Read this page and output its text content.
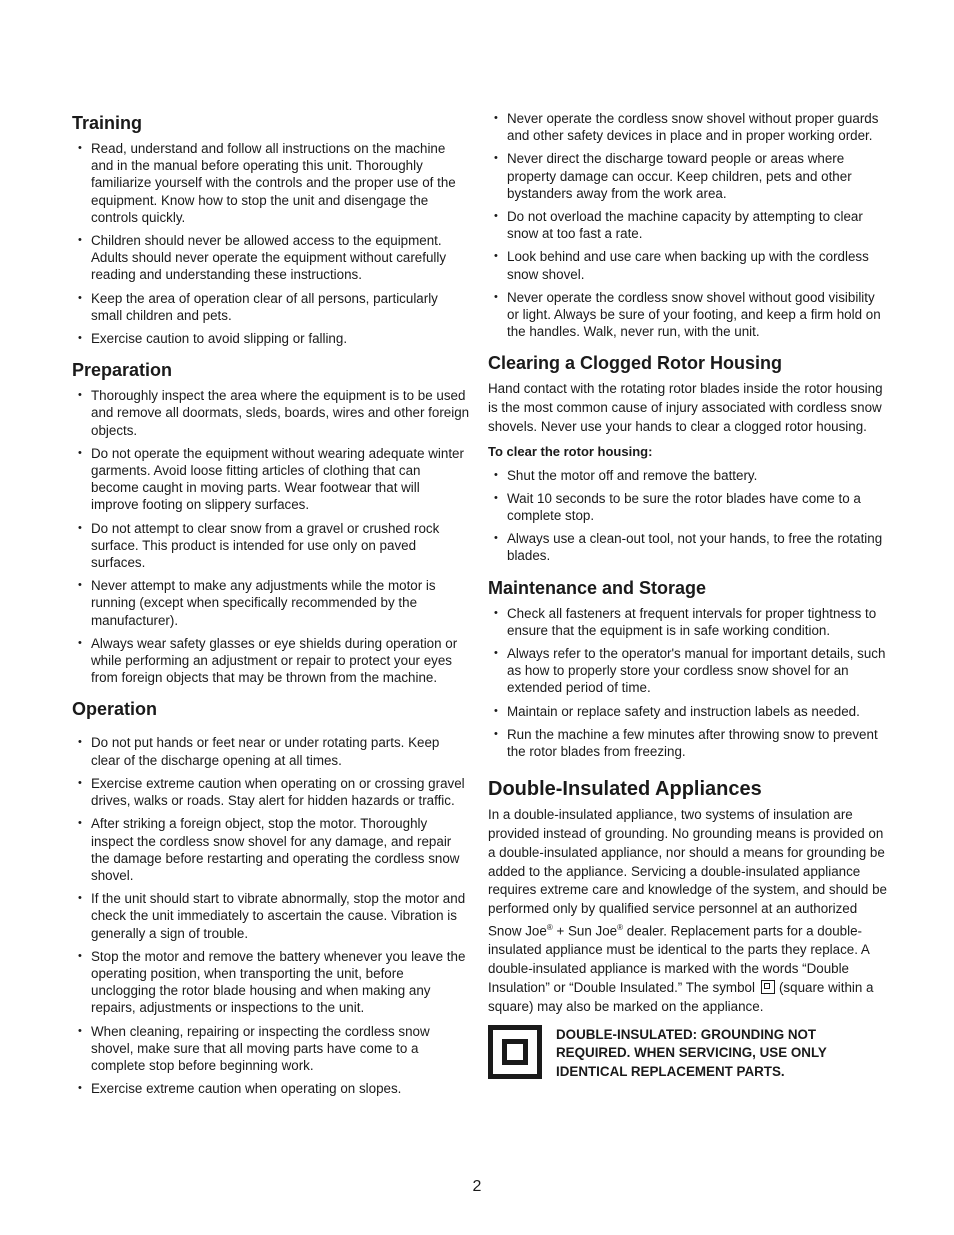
Training
• Read, understand and follow all instructions on the machine and in the manual before operating this unit. Thoroughly familiarize yourself with the controls and the proper use of the equipment. Know how to stop the unit and disengage the controls quickly.
• Children should never be allowed access to the equipment. Adults should never operate the equipment without carefully reading and understanding these instructions.
• Keep the area of operation clear of all persons, particularly small children and pets.
• Exercise caution to avoid slipping or falling.
Preparation
• Thoroughly inspect the area where the equipment is to be used and remove all doormats, sleds, boards, wires and other foreign objects.
• Do not operate the equipment without wearing adequate winter garments. Avoid loose fitting articles of clothing that can become caught in moving parts. Wear footwear that will improve footing on slippery surfaces.
• Do not attempt to clear snow from a gravel or crushed rock surface. This product is intended for use only on paved surfaces.
• Never attempt to make any adjustments while the motor is running (except when specifically recommended by the manufacturer).
• Always wear safety glasses or eye shields during operation or while performing an adjustment or repair to protect your eyes from foreign objects that may be thrown from the machine.
Operation
• Do not put hands or feet near or under rotating parts. Keep clear of the discharge opening at all times.
• Exercise extreme caution when operating on or crossing gravel drives, walks or roads. Stay alert for hidden hazards or traffic.
• After striking a foreign object, stop the motor. Thoroughly inspect the cordless snow shovel for any damage, and repair the damage before restarting and operating the cordless snow shovel.
• If the unit should start to vibrate abnormally, stop the motor and check the unit immediately to ascertain the cause. Vibration is generally a sign of trouble.
• Stop the motor and remove the battery whenever you leave the operating position, when transporting the unit, before unclogging the rotor blade housing and when making any repairs, adjustments or inspections to the unit.
• When cleaning, repairing or inspecting the cordless snow shovel, make sure that all moving parts have come to a complete stop before beginning work.
• Exercise extreme caution when operating on slopes.
• Never operate the cordless snow shovel without proper guards and other safety devices in place and in proper working order.
• Never direct the discharge toward people or areas where property damage can occur. Keep children, pets and other bystanders away from the work area.
• Do not overload the machine capacity by attempting to clear snow at too fast a rate.
• Look behind and use care when backing up with the cordless snow shovel.
• Never operate the cordless snow shovel without good visibility or light. Always be sure of your footing, and keep a firm hold on the handles. Walk, never run, with the unit.
Clearing a Clogged Rotor Housing

Hand contact with the rotating rotor blades inside the rotor housing is the most common cause of injury associated with cordless snow shovels. Never use your hands to clear a clogged rotor housing.

To clear the rotor housing:

• Shut the motor off and remove the battery.
• Wait 10 seconds to be sure the rotor blades have come to a complete stop.
• Always use a clean-out tool, not your hands, to free the rotating blades.
Maintenance and Storage
• Check all fasteners at frequent intervals for proper tightness to ensure that the equipment is in safe working condition.
• Always refer to the operator's manual for important details, such as how to properly store your cordless snow shovel for an extended period of time.
• Maintain or replace safety and instruction labels as needed.
• Run the machine a few minutes after throwing snow to prevent the rotor blades from freezing.
Double-Insulated Appliances

In a double-insulated appliance, two systems of insulation are provided instead of grounding. No grounding means is provided on a double-insulated appliance, nor should a means for grounding be added to the appliance. Servicing a double-insulated appliance requires extreme care and knowledge of the system, and should be performed only by qualified service personnel at an authorized Snow Joe® + Sun Joe® dealer. Replacement parts for a double-insulated appliance must be identical to the parts they replace. A double-insulated appliance is marked with the words “Double Insulation” or “Double Insulated.” The symbol (square within a square) may also be marked on the appliance.

DOUBLE-INSULATED: GROUNDING NOT REQUIRED. WHEN SERVICING, USE ONLY IDENTICAL REPLACEMENT PARTS.
2
